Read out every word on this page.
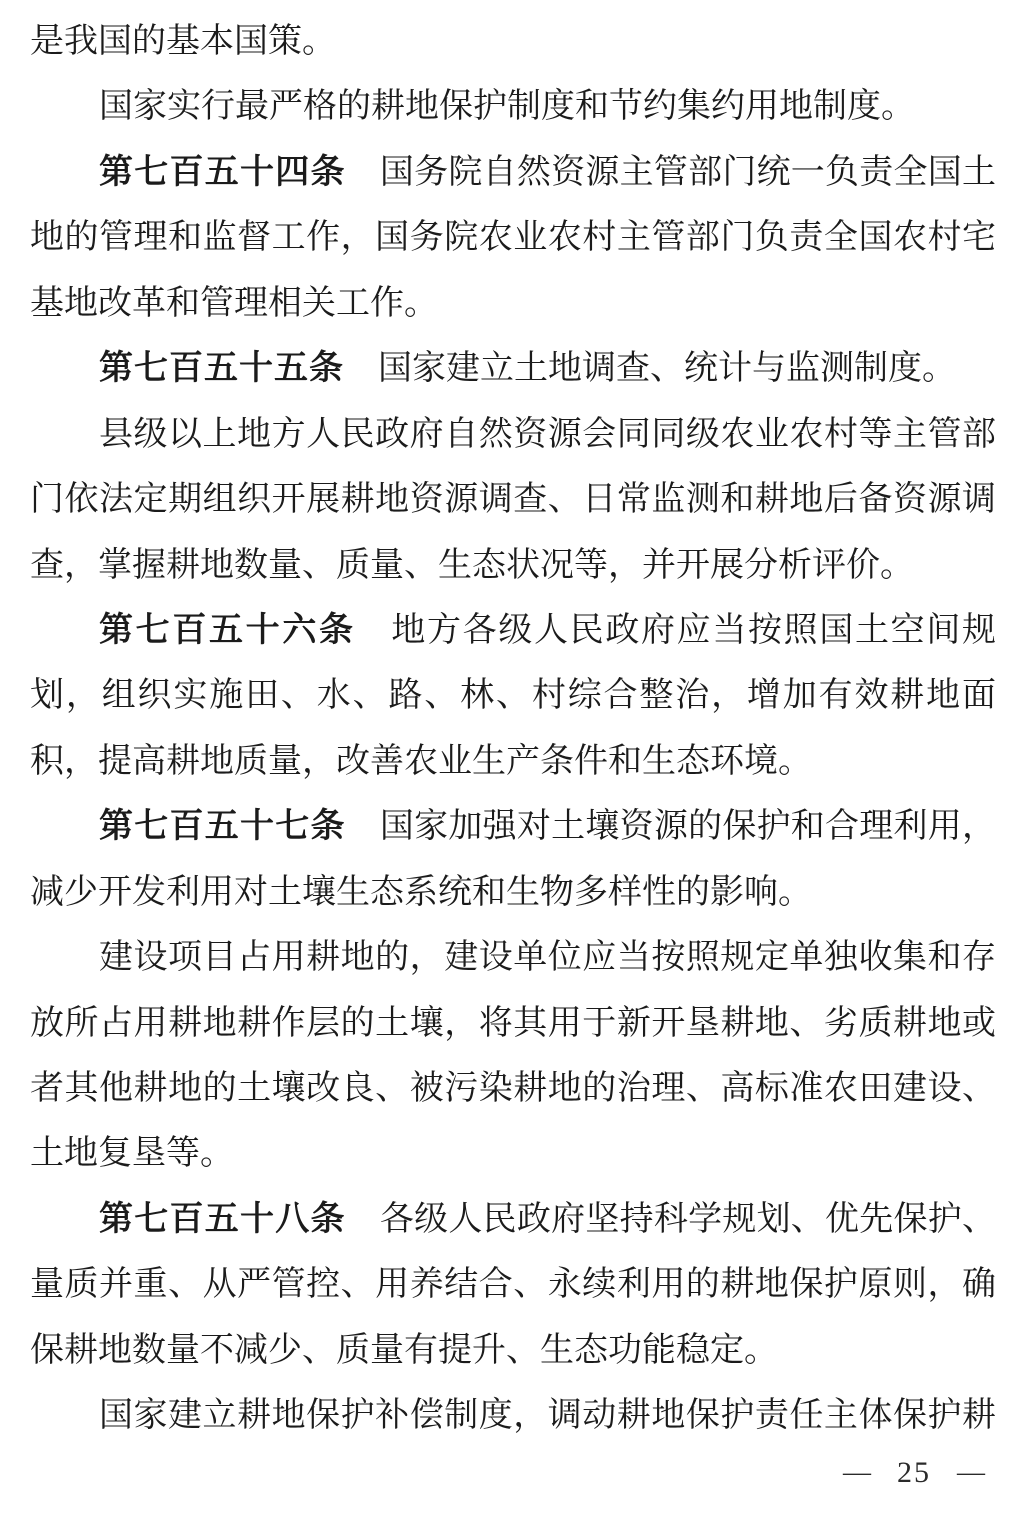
是我国的基本国策。
国家实行最严格的耕地保护制度和节约集约用地制度。
第七百五十四条　国务院自然资源主管部门统一负责全国土
地的管理和监督工作，国务院农业农村主管部门负责全国农村宅
基地改革和管理相关工作。
第七百五十五条　国家建立土地调查、统计与监测制度。
县级以上地方人民政府自然资源会同同级农业农村等主管部
门依法定期组织开展耕地资源调查、日常监测和耕地后备资源调
查，掌握耕地数量、质量、生态状况等，并开展分析评价。
第七百五十六条　地方各级人民政府应当按照国土空间规
划，组织实施田、水、路、林、村综合整治，增加有效耕地面
积，提高耕地质量，改善农业生产条件和生态环境。
第七百五十七条　国家加强对土壤资源的保护和合理利用，
减少开发利用对土壤生态系统和生物多样性的影响。
建设项目占用耕地的，建设单位应当按照规定单独收集和存
放所占用耕地耕作层的土壤，将其用于新开垦耕地、劣质耕地或
者其他耕地的土壤改良、被污染耕地的治理、高标准农田建设、
土地复垦等。
第七百五十八条　各级人民政府坚持科学规划、优先保护、
量质并重、从严管控、用养结合、永续利用的耕地保护原则，确
保耕地数量不减少、质量有提升、生态功能稳定。
国家建立耕地保护补偿制度，调动耕地保护责任主体保护耕
— 25 —
